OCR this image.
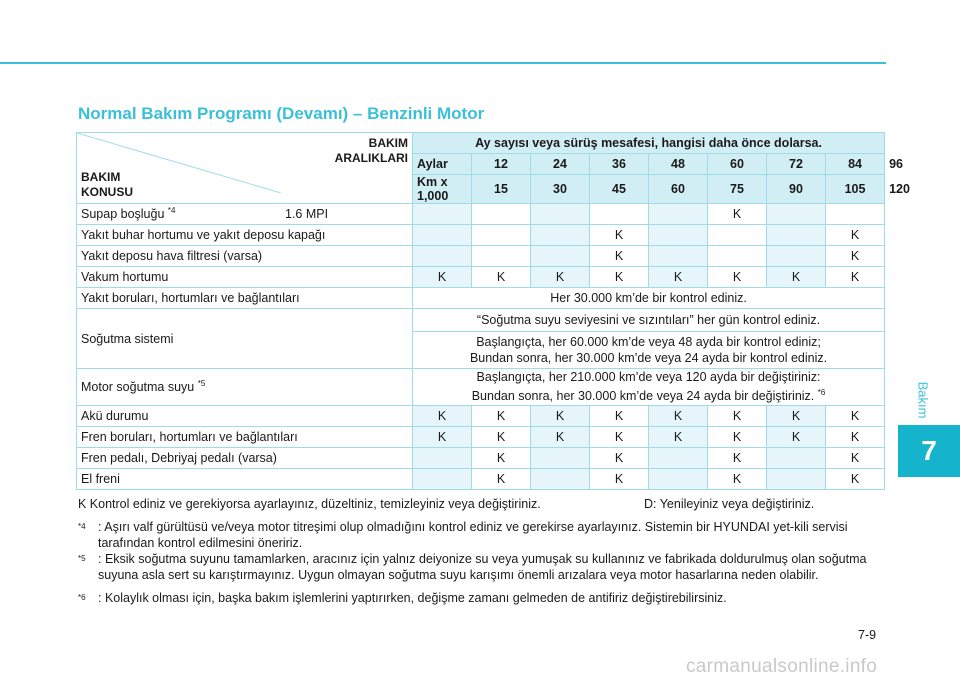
Bakım
7
Normal Bakım Programı (Devamı) – Benzinli Motor
BAKIM
ARALIKLARI
BAKIM
KONUSU	Ay sayısı veya sürüş mesafesi, hangisi daha önce dolarsa.								
	Aylar	12	24	36	48	60	72	84	96
	Km x 1,000	15	30	45	60	75	90	105	120
Supap boşluğu $^{*4}$ 1.6 MPI						K			
Yakıt buhar hortumu ve yakıt deposu kapağı				K				K	
Yakıt deposu hava filtresi (varsa)				K				K	
Vakum hortumu	K	K	K	K	K	K	K	K	
Yakıt boruları, hortumları ve bağlantıları	Her 30.000 km’de bir kontrol ediniz.								
Soğutma sistemi	“Soğutma suyu seviyesini ve sızıntıları” her gün kontrol ediniz.								

	Başlangıçta, her 60.000 km’de veya 48 ayda bir kontrol ediniz;
Bundan sonra, her 30.000 km’de veya 24 ayda bir kontrol ediniz.								

Motor soğutma suyu $^{*5}$	Başlangıçta, her 210.000 km’de veya 120 ayda bir değiştiriniz:
Bundan sonra, her 30.000 km’de veya 24 ayda bir değiştiriniz. $^{*6}$

Akü durumu	K	K	K	K	K	K	K	K	
Fren boruları, hortumları ve bağlantıları	K	K	K	K	K	K	K	K	
Fren pedalı, Debriyaj pedalı (varsa)		K		K		K		K	
El freni		K		K		K		K	
K Kontrol ediniz ve gerekiyorsa ayarlayınız, düzeltiniz, temizleyiniz veya değiştiriniz.	D: Yenileyiniz veya değiştiriniz.
*4 : Aşırı valf gürültüsü ve/veya motor titreşimi olup olmadığını kontrol ediniz ve gerekirse ayarlayınız. Sistemin bir HYUNDAI yet-kili servisi tarafından kontrol edilmesini öneririz.
*5 : Eksik soğutma suyunu tamamlarken, aracınız için yalnız deiyonize su veya yumuşak su kullanınız ve fabrikada doldurulmuş olan soğutma suyuna asla sert su karıştırmayınız. Uygun olmayan soğutma suyu karışımı önemli arızalara veya motor hasarlarına neden olabilir.
*6 : Kolaylık olması için, başka bakım işlemlerini yaptırırken, değişme zamanı gelmeden de antifiriz değiştirebilirsiniz.
7-9
carmanualsonline.info
